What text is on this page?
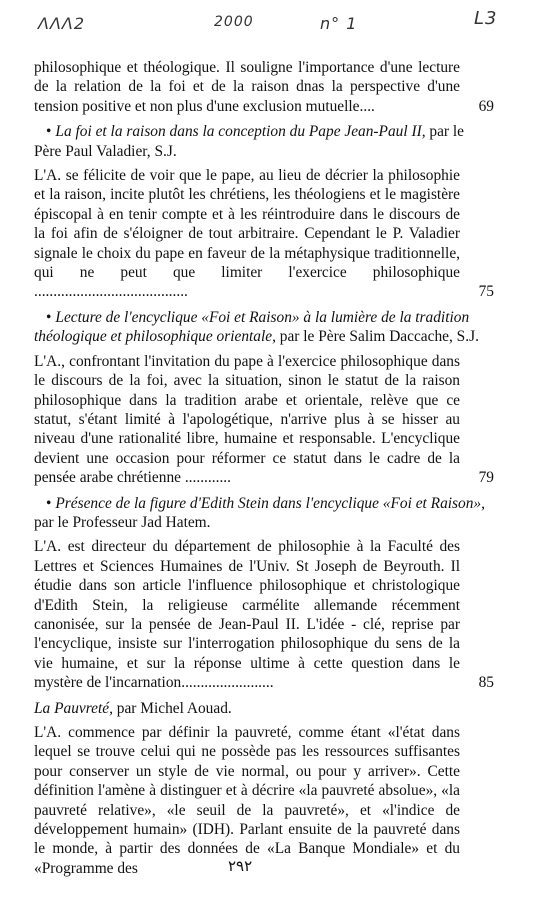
ΛΛΛ2	2000	n° 1	L3
philosophique et théologique. Il souligne l'importance d'une lecture de la relation de la foi et de la raison dnas la perspective d'une tension positive et non plus d'une exclusion mutuelle....	69
• La foi et la raison dans la conception du Pape Jean-Paul II, par le Père Paul Valadier, S.J.
L'A. se félicite de voir que le pape, au lieu de décrier la philosophie et la raison, incite plutôt les chrétiens, les théologiens et le magistère épiscopal à en tenir compte et à les réintroduire dans le discours de la foi afin de s'éloigner de tout arbitraire. Cependant le P. Valadier signale le choix du pape en faveur de la métaphysique traditionnelle, qui ne peut que limiter l'exercice philosophique ........................................	75
• Lecture de l'encyclique «Foi et Raison» à la lumière de la tradition théologique et philosophique orientale, par le Père Salim Daccache, S.J.
L'A., confrontant l'invitation du pape à l'exercice philosophique dans le discours de la foi, avec la situation, sinon le statut de la raison philosophique dans la tradition arabe et orientale, relève que ce statut, s'étant limité à l'apologétique, n'arrive plus à se hisser au niveau d'une rationalité libre, humaine et responsable. L'encyclique devient une occasion pour réformer ce statut dans le cadre de la pensée arabe chrétienne ............	79
• Présence de la figure d'Edith Stein dans l'encyclique «Foi et Raison», par le Professeur Jad Hatem.
L'A. est directeur du département de philosophie à la Faculté des Lettres et Sciences Humaines de l'Univ. St Joseph de Beyrouth. Il étudie dans son article l'influence philosophique et christologique d'Edith Stein, la religieuse carmélite allemande récemment canonisée, sur la pensée de Jean-Paul II. L'idée - clé, reprise par l'encyclique, insiste sur l'interrogation philosophique du sens de la vie humaine, et sur la réponse ultime à cette question dans le mystère de l'incarnation........................	85
La Pauvreté, par Michel Aouad.
L'A. commence par définir la pauvreté, comme étant «l'état dans lequel se trouve celui qui ne possède pas les ressources suffisantes pour conserver un style de vie normal, ou pour y arriver». Cette définition l'amène à distinguer et à décrire «la pauvreté absolue», «la pauvreté relative», «le seuil de la pauvreté», et «l'indice de développement humain» (IDH). Parlant ensuite de la pauvreté dans le monde, à partir des données de «La Banque Mondiale» et du «Programme des	٢٩٢
